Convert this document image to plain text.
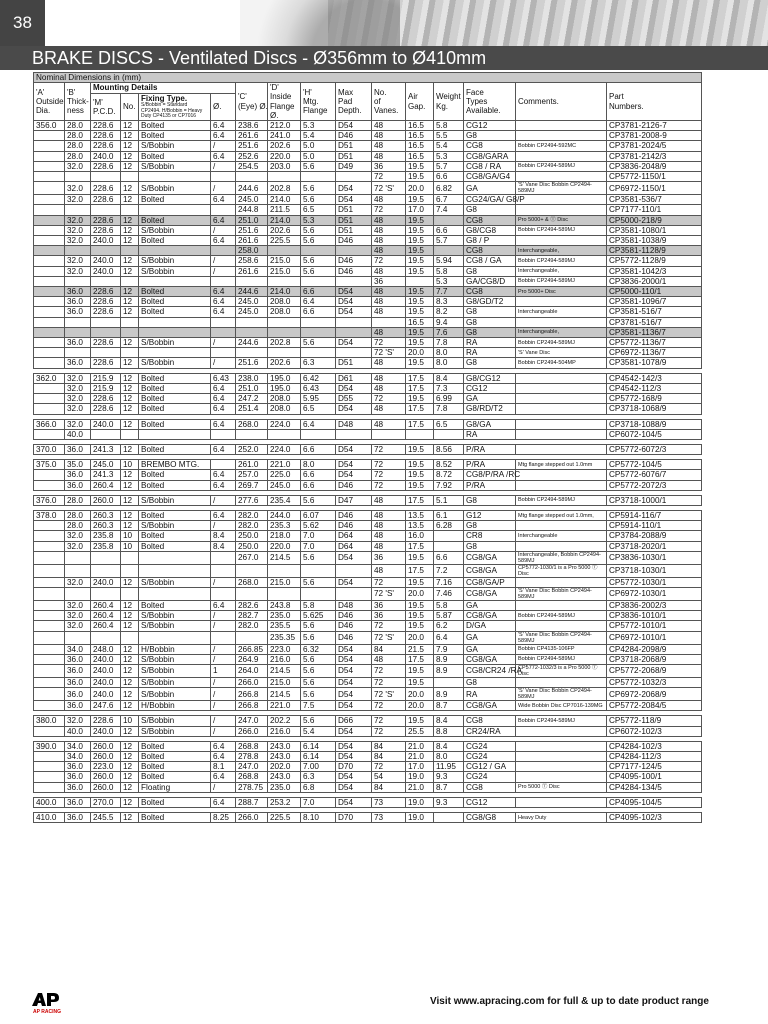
38
BRAKE DISCS - Ventilated Discs - Ø356mm to Ø410mm
Nominal Dimensions in (mm)															
'A'
Outside
Dia.	'B'
Thick-
ness	Mounting Details				'C'
(Eye) Ø.	'D'
Inside
Flange
Ø.	'H'
Mtg.
Flange	Max
Pad
Depth.	No.
of
Vanes.	Air
Gap.	Weight
Kg.	Face
Types
Available.	Comments.	Part
Numbers.
		'M'
P.C.D.	No.	Fixing Type.
S/Bobbin = Standard CP2494. H/Bobbin = Heavy Duty CP4135 or CP7016	Ø.										
356.0	28.0	228.6	12	Bolted	6.4	238.6	212.0	5.3	D54	48	16.5	5.8	CG12		CP3781-2126-7
	28.0	228.6	12	Bolted	6.4	261.6	241.0	5.4	D46	48	16.5	5.5	G8		CP3781-2008-9
	28.0	228.6	12	S/Bobbin	/	251.6	202.6	5.0	D51	48	16.5	5.4	CG8	Bobbin CP2494-592MC	CP3781-2024/5
	28.0	240.0	12	Bolted	6.4	252.6	220.0	5.0	D51	48	16.5	5.3	CG8/GARA		CP3781-2142/3
	32.0	228.6	12	S/Bobbin	/	254.5	203.0	5.6	D49	36	19.5	5.7	CG8 / RA	Bobbin CP2494-589MJ	CP3836-2048/9
										72	19.5	6.6	CG8/GA/G4		CP5772-1150/1
	32.0	228.6	12	S/Bobbin	/	244.6	202.8	5.6	D54	72 'S'	20.0	6.82	GA	'S' Vane Disc Bobbin CP2494-589MJ	CP6972-1150/1
	32.0	228.6	12	Bolted	6.4	245.0	214.0	5.6	D54	48	19.5	6.7	CG24/GA/ G8/P		CP3581-536/7
						244.8	211.5	6.5	D51	72	17.0	7.4	G8		CP7177-110/1
	32.0	228.6	12	Bolted	6.4	251.0	214.0	5.3	D51	48	19.5		CG8	Pro 5000+ & Ⓣ Disc	CP5000-218/9
	32.0	228.6	12	S/Bobbin	/	251.6	202.6	5.6	D51	48	19.5	6.6	G8/CG8	Bobbin CP2494-589MJ	CP3581-1080/1
	32.0	240.0	12	Bolted	6.4	261.6	225.5	5.6	D46	48	19.5	5.7	G8 / P		CP3581-1038/9
						258.0				48	19.5		CG8	Interchangeable,	CP3581-1128/9
	32.0	240.0	12	S/Bobbin	/	258.6	215.0	5.6	D46	72	19.5	5.94	CG8 / GA	Bobbin CP2494-589MJ	CP5772-1128/9
	32.0	240.0	12	S/Bobbin	/	261.6	215.0	5.6	D46	48	19.5	5.8	G8	Interchangeable,	CP3581-1042/3
										36		5.3	GA/CG8/D	Bobbin CP2494-589MJ	CP3836-2000/1
	36.0	228.6	12	Bolted	6.4	244.6	214.0	6.6	D54	48	19.5	7.7	CG8	Pro 5000+ Disc	CP5000-110/1
	36.0	228.6	12	Bolted	6.4	245.0	208.0	6.4	D54	48	19.5	8.3	G8/GD/T2		CP3581-1096/7
	36.0	228.6	12	Bolted	6.4	245.0	208.0	6.6	D54	48	19.5	8.2	G8	Interchangeable	CP3581-516/7
											16.5	9.4	G8		CP3781-516/7
										48	19.5	7.6	G8	Interchangeable,	CP3581-1136/7
	36.0	228.6	12	S/Bobbin	/	244.6	202.8	5.6	D54	72	19.5	7.8	RA	Bobbin CP2494-589MJ	CP5772-1136/7
										72 'S'	20.0	8.0	RA	'S' Vane Disc	CP6972-1136/7
	36.0	228.6	12	S/Bobbin	/	251.6	202.6	6.3	D51	48	19.5	8.0	G8	Bobbin CP2494-504MP	CP3581-1078/9

362.0	32.0	215.9	12	Bolted	6.43	238.0	195.0	6.42	D61	48	17.5	8.4	G8/CG12		CP4542-142/3
	32.0	215.9	12	Bolted	6.4	251.0	195.0	6.43	D54	48	17.5	7.3	CG12		CP4542-112/3
	32.0	228.6	12	Bolted	6.4	247.2	208.0	5.95	D55	72	19.5	6.99	GA		CP5772-168/9
	32.0	228.6	12	Bolted	6.4	251.4	208.0	6.5	D54	48	17.5	7.8	G8/RD/T2		CP3718-1068/9

366.0	32.0	240.0	12	Bolted	6.4	268.0	224.0	6.4	D48	48	17.5	6.5	G8/GA		CP3718-1088/9
	40.0												RA		CP6072-104/5

370.0	36.0	241.3	12	Bolted	6.4	252.0	224.0	6.6	D54	72	19.5	8.56	P/RA		CP5772-6072/3

375.0	35.0	245.0	10	BREMBO MTG.		261.0	221.0	8.0	D54	72	19.5	8.52	P/RA	Mtg flange stepped out 1.0mm	CP5772-104/5
	36.0	241.3	12	Bolted	6.4	257.0	225.0	6.6	D54	72	19.5	8.72	CG8/P/RA /RC		CP5772-6076/7
	36.0	260.4	12	Bolted	6.4	269.7	245.0	6.6	D46	72	19.5	7.92	P/RA		CP5772-2072/3

376.0	28.0	260.0	12	S/Bobbin	/	277.6	235.4	5.6	D47	48	17.5	5.1	G8	Bobbin CP2494-589MJ	CP3718-1000/1

378.0	28.0	260.3	12	Bolted	6.4	282.0	244.0	6.07	D46	48	13.5	6.1	G12	Mtg flange stepped out 1.0mm,	CP5914-116/7
	28.0	260.3	12	S/Bobbin	/	282.0	235.3	5.62	D46	48	13.5	6.28	G8		CP5914-110/1
	32.0	235.8	10	Bolted	8.4	250.0	218.0	7.0	D64	48	16.0		CR8	Interchangeable	CP3784-2088/9
	32.0	235.8	10	Bolted	8.4	250.0	220.0	7.0	D64	48	17.5		G8		CP3718-2020/1
						267.0	214.5	5.6	D54	36	19.5	6.6	CG8/GA	Interchangeable, Bobbin CP2494-589MJ	CP3836-1030/1
										48	17.5	7.2	CG8/GA	CP5772-1030/1 is a Pro 5000 Ⓣ Disc	CP3718-1030/1
	32.0	240.0	12	S/Bobbin	/	268.0	215.0	5.6	D54	72	19.5	7.16	CG8/GA/P		CP5772-1030/1
										72 'S'	20.0	7.46	CG8/GA	'S' Vane Disc Bobbin CP2494-589MJ	CP6972-1030/1
	32.0	260.4	12	Bolted	6.4	282.6	243.8	5.8	D48	36	19.5	5.8	GA		CP3836-2002/3
	32.0	260.4	12	S/Bobbin	/	282.7	235.0	5.625	D46	36	19.5	5.87	CG8/GA	Bobbin CP2494-589MJ	CP3836-1010/1
	32.0	260.4	12	S/Bobbin	/	282.0	235.5	5.6	D46	72	19.5	6.2	D/GA		CP5772-1010/1
							235.35	5.6	D46	72 'S'	20.0	6.4	GA	'S' Vane Disc Bobbin CP2494-589MJ	CP6972-1010/1
	34.0	248.0	12	H/Bobbin	/	266.85	223.0	6.32	D54	84	21.5	7.9	GA	Bobbin CP4135-106FP	CP4284-2098/9
	36.0	240.0	12	S/Bobbin	/	264.9	216.0	5.6	D54	48	17.5	8.9	CG8/GA	Bobbin CP2494-589MJ	CP3718-2068/9
	36.0	240.0	12	S/Bobbin	1	264.0	214.5	5.6	D54	72	19.5	8.9	CG8/CR24 /RA	CP5772-1032/3 is a Pro 5000 Ⓣ Disc	CP5772-2068/9
	36.0	240.0	12	S/Bobbin	/	266.0	215.0	5.6	D54	72	19.5		G8		CP5772-1032/3
	36.0	240.0	12	S/Bobbin	/	266.8	214.5	5.6	D54	72 'S'	20.0	8.9	RA	'S' Vane Disc Bobbin CP2494-589MJ	CP6972-2068/9
	36.0	247.6	12	H/Bobbin	/	266.8	221.0	7.5	D54	72	20.0	8.7	CG8/GA	Wide Bobbin Disc CP7016-139MG	CP5772-2084/5

380.0	32.0	228.6	10	S/Bobbin	/	247.0	202.2	5.6	D66	72	19.5	8.4	CG8	Bobbin CP2494-589MJ	CP5772-118/9
	40.0	240.0	12	S/Bobbin	/	266.0	216.0	5.4	D54	72	25.5	8.8	CR24/RA		CP6072-102/3

390.0	34.0	260.0	12	Bolted	6.4	268.8	243.0	6.14	D54	84	21.0	8.4	CG24		CP4284-102/3
	34.0	260.0	12	Bolted	6.4	278.8	243.0	6.14	D54	84	21.0	8.0	CG24		CP4284-112/3
	36.0	223.0	12	Bolted	8.1	247.0	202.0	7.00	D70	72	17.0	11.95	CG12 / GA		CP7177-124/5
	36.0	260.0	12	Bolted	6.4	268.8	243.0	6.3	D54	54	19.0	9.3	CG24		CP4095-100/1
	36.0	260.0	12	Floating	/	278.75	235.0	6.8	D54	84	21.0	8.7	CG8	Pro 5000 Ⓣ Disc	CP4284-134/5

400.0	36.0	270.0	12	Bolted	6.4	288.7	253.2	7.0	D54	73	19.0	9.3	CG12		CP4095-104/5

410.0	36.0	245.5	12	Bolted	8.25	266.0	225.5	8.10	D70	73	19.0		CG8/G8	Heavy Duty	CP4095-102/3
AP RACING
Visit www.apracing.com for full & up to date product range
